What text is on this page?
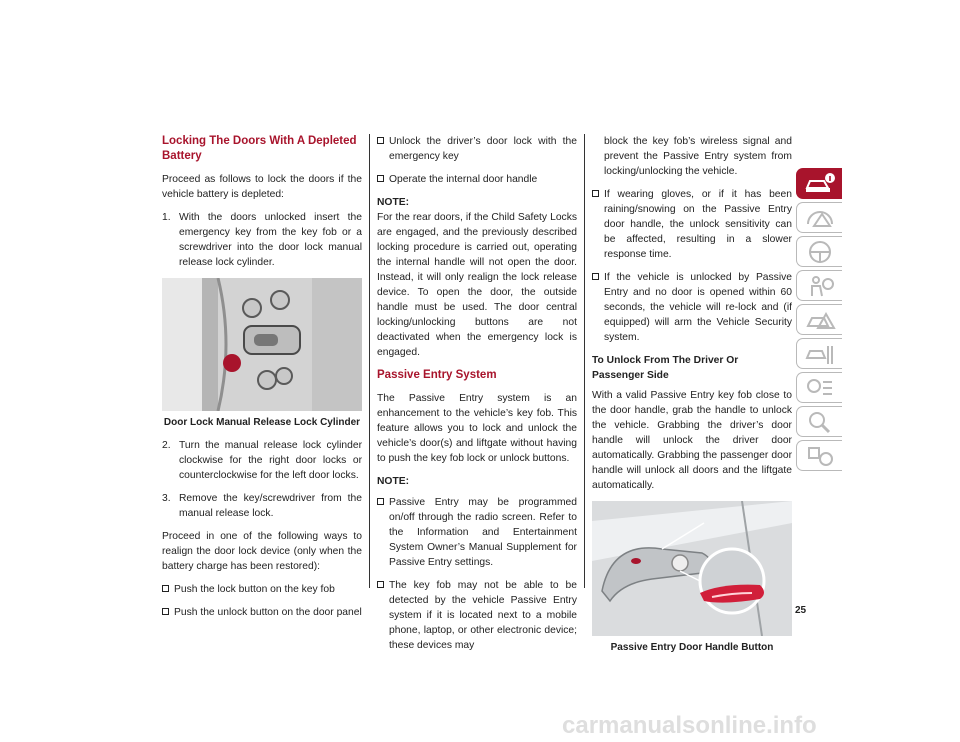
Locking The Doors With A Depleted Battery

Proceed as follows to lock the doors if the vehicle battery is depleted:

1. With the doors unlocked insert the emergency key from the key fob or a screwdriver into the door lock manual release lock cylinder.
Door Lock Manual Release Lock Cylinder
2. Turn the manual release lock cylinder clockwise for the right door locks or counterclockwise for the left door locks.
3. Remove the key/screwdriver from the manual release lock.

Proceed in one of the following ways to realign the door lock device (only when the battery charge has been restored):

Push the lock button on the key fob
Push the unlock button on the door panel
Unlock the driver’s door lock with the emergency key
Operate the internal door handle
NOTE:

For the rear doors, if the Child Safety Locks are engaged, and the previously described locking procedure is carried out, operating the internal handle will not open the door. Instead, it will only realign the lock release device. To open the door, the outside handle must be used. The door central locking/unlocking buttons are not deactivated when the emergency lock is engaged.

Passive Entry System

The Passive Entry system is an enhancement to the vehicle’s key fob. This feature allows you to lock and unlock the vehicle’s door(s) and liftgate without having to push the key fob lock or unlock buttons.

NOTE:
Passive Entry may be programmed on/off through the radio screen. Refer to the Information and Entertainment System Owner’s Manual Supplement for Passive Entry settings.
The key fob may not be able to be detected by the vehicle Passive Entry system if it is located next to a mobile phone, laptop, or other electronic device; these devices may
block the key fob’s wireless signal and prevent the Passive Entry system from locking/unlocking the vehicle.
If wearing gloves, or if it has been raining/snowing on the Passive Entry door handle, the unlock sensitivity can be affected, resulting in a slower response time.
If the vehicle is unlocked by Passive Entry and no door is opened within 60 seconds, the vehicle will re-lock and (if equipped) will arm the Vehicle Security system.
To Unlock From The Driver Or Passenger Side

With a valid Passive Entry key fob close to the door handle, grab the handle to unlock the vehicle. Grabbing the driver’s door handle will unlock the driver door automatically. Grabbing the passenger door handle will unlock all doors and the liftgate automatically.

Passive Entry Door Handle Button
25
carmanualsonline.info
